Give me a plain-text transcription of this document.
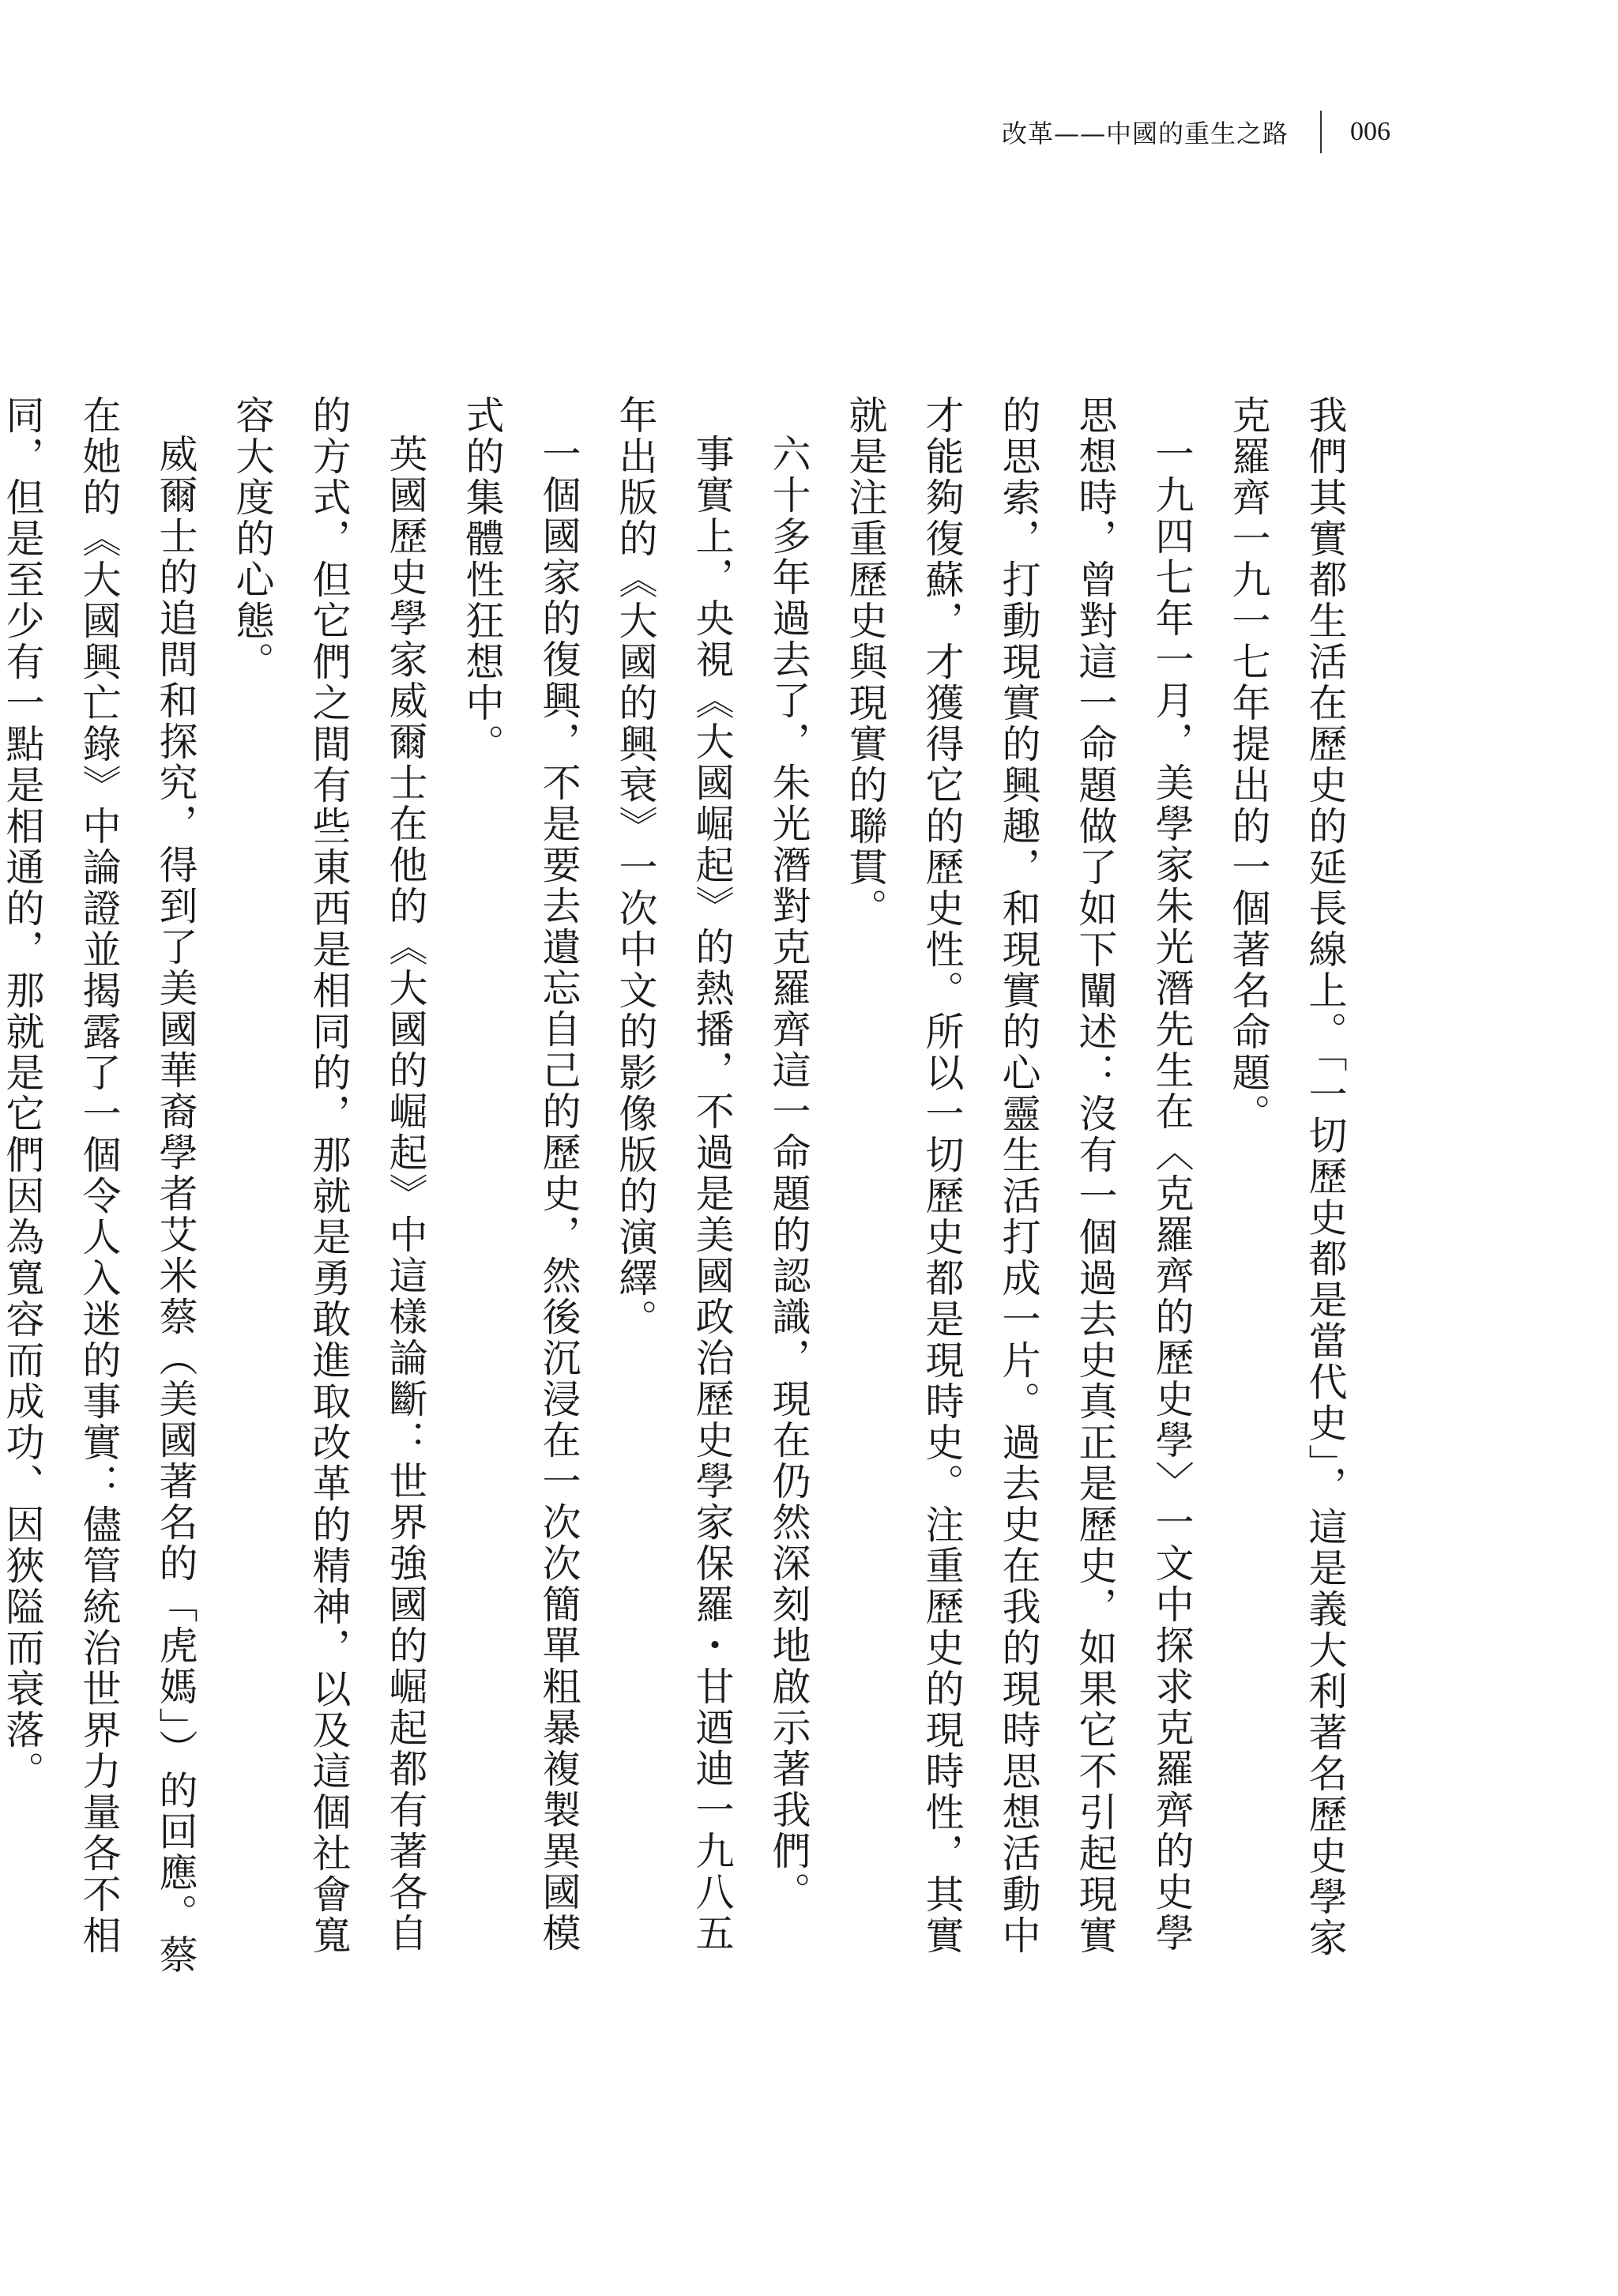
改革——中國的重生之路 006

我們其實都生活在歷史的延長線上。「一切歷史都是當代史」，這是義大利著名歷史學家克羅齊一九一七年提出的一個著名命題。

一九四七年一月，美學家朱光潛先生在〈克羅齊的歷史學〉一文中探求克羅齊的史學思想時，曾對這一命題做了如下闡述：沒有一個過去史真正是歷史，如果它不引起現實的思索，打動現實的興趣，和現實的心靈生活打成一片。過去史在我的現時思想活動中才能夠復蘇，才獲得它的歷史性。所以一切歷史都是現時史。注重歷史的現時性，其實就是注重歷史與現實的聯貫。

六十多年過去了，朱光潛對克羅齊這一命題的認識，現在仍然深刻地啟示著我們。

事實上，央視《大國崛起》的熱播，不過是美國政治歷史學家保羅・甘迺迪一九八五年出版的《大國的興衰》一次中文的影像版的演繹。

一個國家的復興，不是要去遺忘自己的歷史，然後沉浸在一次次簡單粗暴複製異國模式的集體性狂想中。

英國歷史學家威爾士在他的《大國的崛起》中這樣論斷：世界強國的崛起都有著各自的方式，但它們之間有些東西是相同的，那就是勇敢進取改革的精神，以及這個社會寬容大度的心態。

威爾士的追問和探究，得到了美國華裔學者艾米蔡（美國著名的「虎媽」）的回應。蔡在她的《大國興亡錄》中論證並揭露了一個令人入迷的事實：儘管統治世界力量各不相同，但是至少有一點是相通的，那就是它們因為寬容而成功、因狹隘而衰落。
